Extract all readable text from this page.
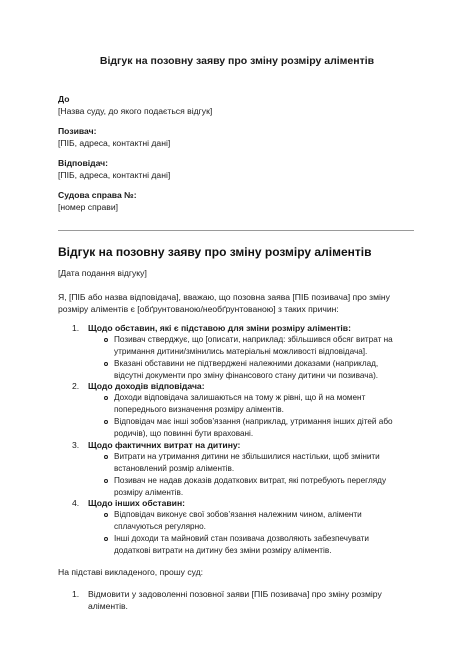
Відгук на позовну заяву про зміну розміру аліментів
До
[Назва суду, до якого подається відгук]
Позивач:
[ПІБ, адреса, контактні дані]
Відповідач:
[ПІБ, адреса, контактні дані]
Судова справа №:
[номер справи]
Відгук на позовну заяву про зміну розміру аліментів
[Дата подання відгуку]
Я, [ПІБ або назва відповідача], вважаю, що позовна заява [ПІБ позивача] про зміну
розміру аліментів є [обґрунтованою/необґрунтованою] з таких причин:
1. Щодо обставин, які є підставою для зміни розміру аліментів:
Позивач стверджує, що [описати, наприклад: збільшився обсяг витрат на
утримання дитини/змінились матеріальні можливості відповідача].
Вказані обставини не підтверджені належними доказами (наприклад,
відсутні документи про зміну фінансового стану дитини чи позивача).
2. Щодо доходів відповідача:
Доходи відповідача залишаються на тому ж рівні, що й на момент
попереднього визначення розміру аліментів.
Відповідач має інші зобов’язання (наприклад, утримання інших дітей або
родичів), що повинні бути враховані.
3. Щодо фактичних витрат на дитину:
Витрати на утримання дитини не збільшилися настільки, щоб змінити
встановлений розмір аліментів.
Позивач не надав доказів додаткових витрат, які потребують перегляду
розміру аліментів.
4. Щодо інших обставин:
Відповідач виконує свої зобов’язання належним чином, аліменти
сплачуються регулярно.
Інші доходи та майновий стан позивача дозволяють забезпечувати
додаткові витрати на дитину без зміни розміру аліментів.
На підставі викладеного, прошу суд:
1. Відмовити у задоволенні позовної заяви [ПІБ позивача] про зміну розміру
аліментів.
